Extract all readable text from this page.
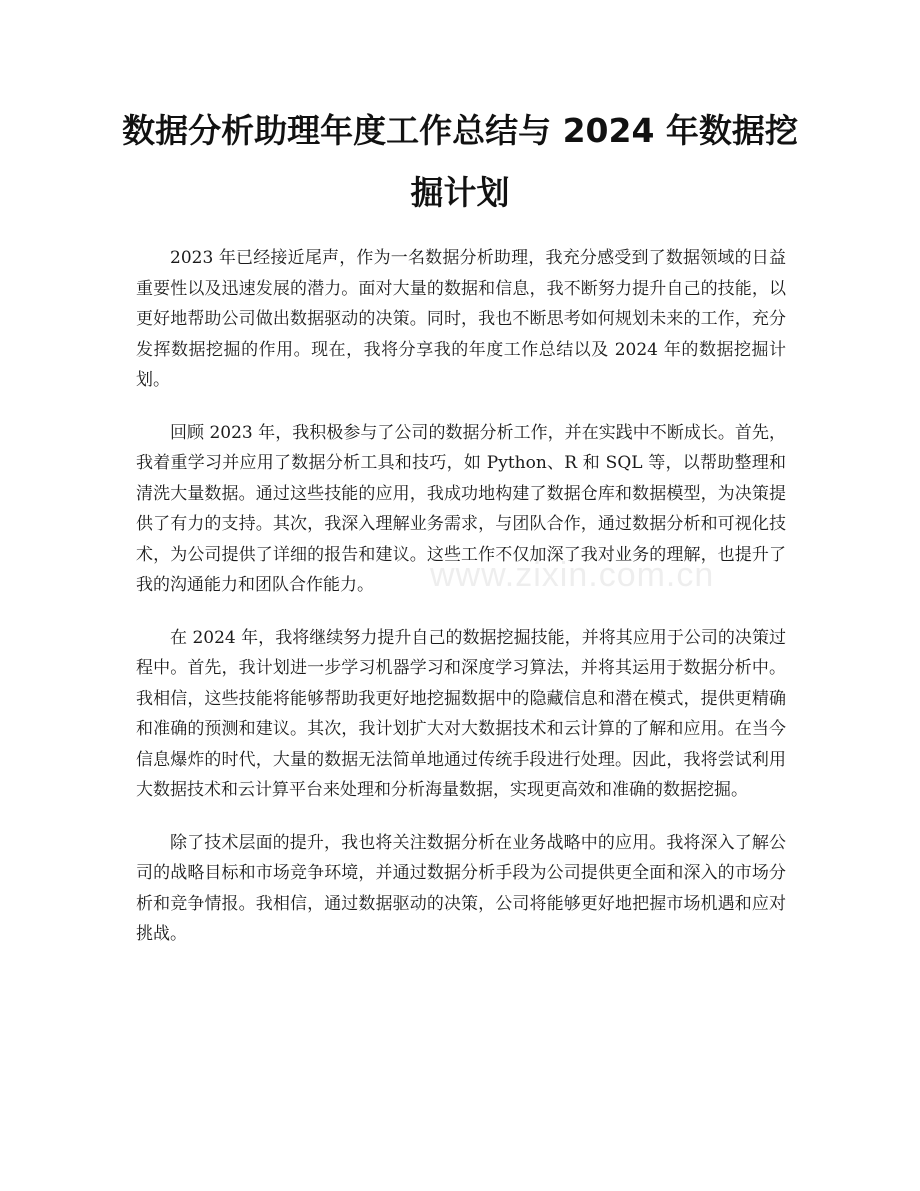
数据分析助理年度工作总结与 2024 年数据挖掘计划

2023 年已经接近尾声，作为一名数据分析助理，我充分感受到了数据领域的日益重要性以及迅速发展的潜力。面对大量的数据和信息，我不断努力提升自己的技能，以更好地帮助公司做出数据驱动的决策。同时，我也不断思考如何规划未来的工作，充分发挥数据挖掘的作用。现在，我将分享我的年度工作总结以及 2024 年的数据挖掘计划。

回顾 2023 年，我积极参与了公司的数据分析工作，并在实践中不断成长。首先，我着重学习并应用了数据分析工具和技巧，如 Python、R 和 SQL 等，以帮助整理和清洗大量数据。通过这些技能的应用，我成功地构建了数据仓库和数据模型，为决策提供了有力的支持。其次，我深入理解业务需求，与团队合作，通过数据分析和可视化技术，为公司提供了详细的报告和建议。这些工作不仅加深了我对业务的理解，也提升了我的沟通能力和团队合作能力。

在 2024 年，我将继续努力提升自己的数据挖掘技能，并将其应用于公司的决策过程中。首先，我计划进一步学习机器学习和深度学习算法，并将其运用于数据分析中。我相信，这些技能将能够帮助我更好地挖掘数据中的隐藏信息和潜在模式，提供更精确和准确的预测和建议。其次，我计划扩大对大数据技术和云计算的了解和应用。在当今信息爆炸的时代，大量的数据无法简单地通过传统手段进行处理。因此，我将尝试利用大数据技术和云计算平台来处理和分析海量数据，实现更高效和准确的数据挖掘。

除了技术层面的提升，我也将关注数据分析在业务战略中的应用。我将深入了解公司的战略目标和市场竞争环境，并通过数据分析手段为公司提供更全面和深入的市场分析和竞争情报。我相信，通过数据驱动的决策，公司将能够更好地把握市场机遇和应对挑战。

www.zixin.com.cn
